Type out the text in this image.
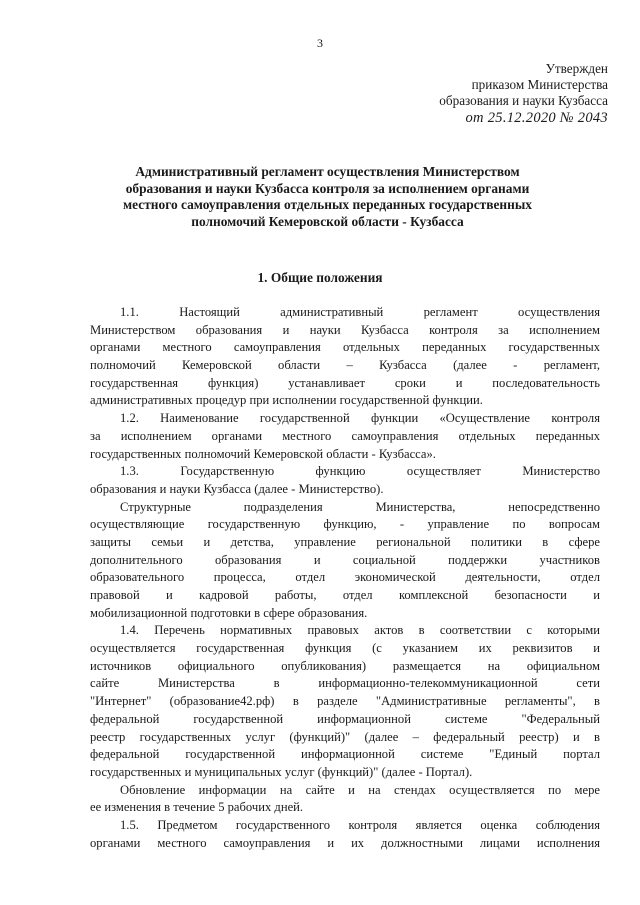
3
Утвержден
приказом Министерства
образования и науки Кузбасса
от 25.12.2020 № 2043
Административный регламент осуществления Министерством
образования и науки Кузбасса контроля за исполнением органами
местного самоуправления отдельных переданных государственных
полномочий Кемеровской области - Кузбасса
1. Общие положения
1.1. Настоящий административный регламент осуществления
Министерством образования и науки Кузбасса контроля за исполнением
органами местного самоуправления отдельных переданных государственных
полномочий Кемеровской области – Кузбасса (далее - регламент,
государственная функция) устанавливает сроки и последовательность
административных процедур при исполнении государственной функции.
1.2. Наименование государственной функции «Осуществление контроля
за исполнением органами местного самоуправления отдельных переданных
государственных полномочий Кемеровской области - Кузбасса».
1.3. Государственную функцию осуществляет Министерство
образования и науки Кузбасса (далее - Министерство).
Структурные подразделения Министерства, непосредственно
осуществляющие государственную функцию, - управление по вопросам
защиты семьи и детства, управление региональной политики в сфере
дополнительного образования и социальной поддержки участников
образовательного процесса, отдел экономической деятельности, отдел
правовой и кадровой работы, отдел комплексной безопасности и
мобилизационной подготовки в сфере образования.
1.4. Перечень нормативных правовых актов в соответствии с которыми
осуществляется государственная функция (с указанием их реквизитов и
источников официального опубликования) размещается на официальном
сайте Министерства в информационно-телекоммуникационной сети
"Интернет" (образование42.рф) в разделе "Административные регламенты", в
федеральной государственной информационной системе "Федеральный
реестр государственных услуг (функций)" (далее – федеральный реестр) и в
федеральной государственной информационной системе "Единый портал
государственных и муниципальных услуг (функций)" (далее - Портал).
Обновление информации на сайте и на стендах осуществляется по мере
ее изменения в течение 5 рабочих дней.
1.5. Предметом государственного контроля является оценка соблюдения
органами местного самоуправления и их должностными лицами исполнения
